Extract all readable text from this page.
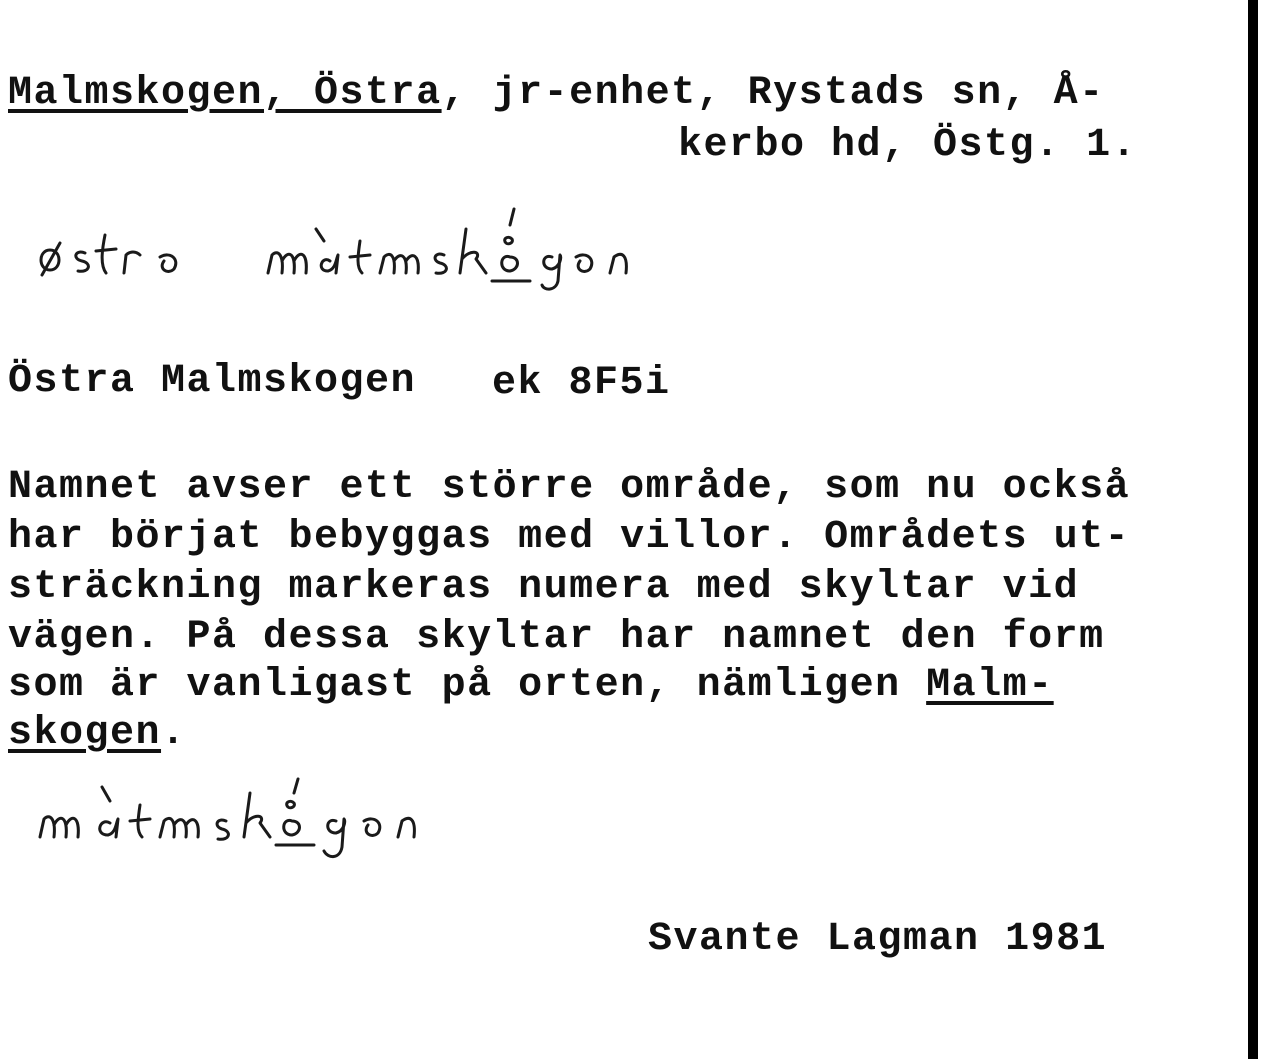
Malmskogen, Östra, jr-enhet, Rystads sn, Å-

kerbo hd, Östg. 1.

Östra Malmskogen ek 8F5i

Namnet avser ett större område, som nu också

har börjat bebyggas med villor. Områdets ut-

sträckning markeras numera med skyltar vid

vägen. På dessa skyltar har namnet den form

som är vanligast på orten, nämligen Malm-

skogen.

Svante Lagman 1981
